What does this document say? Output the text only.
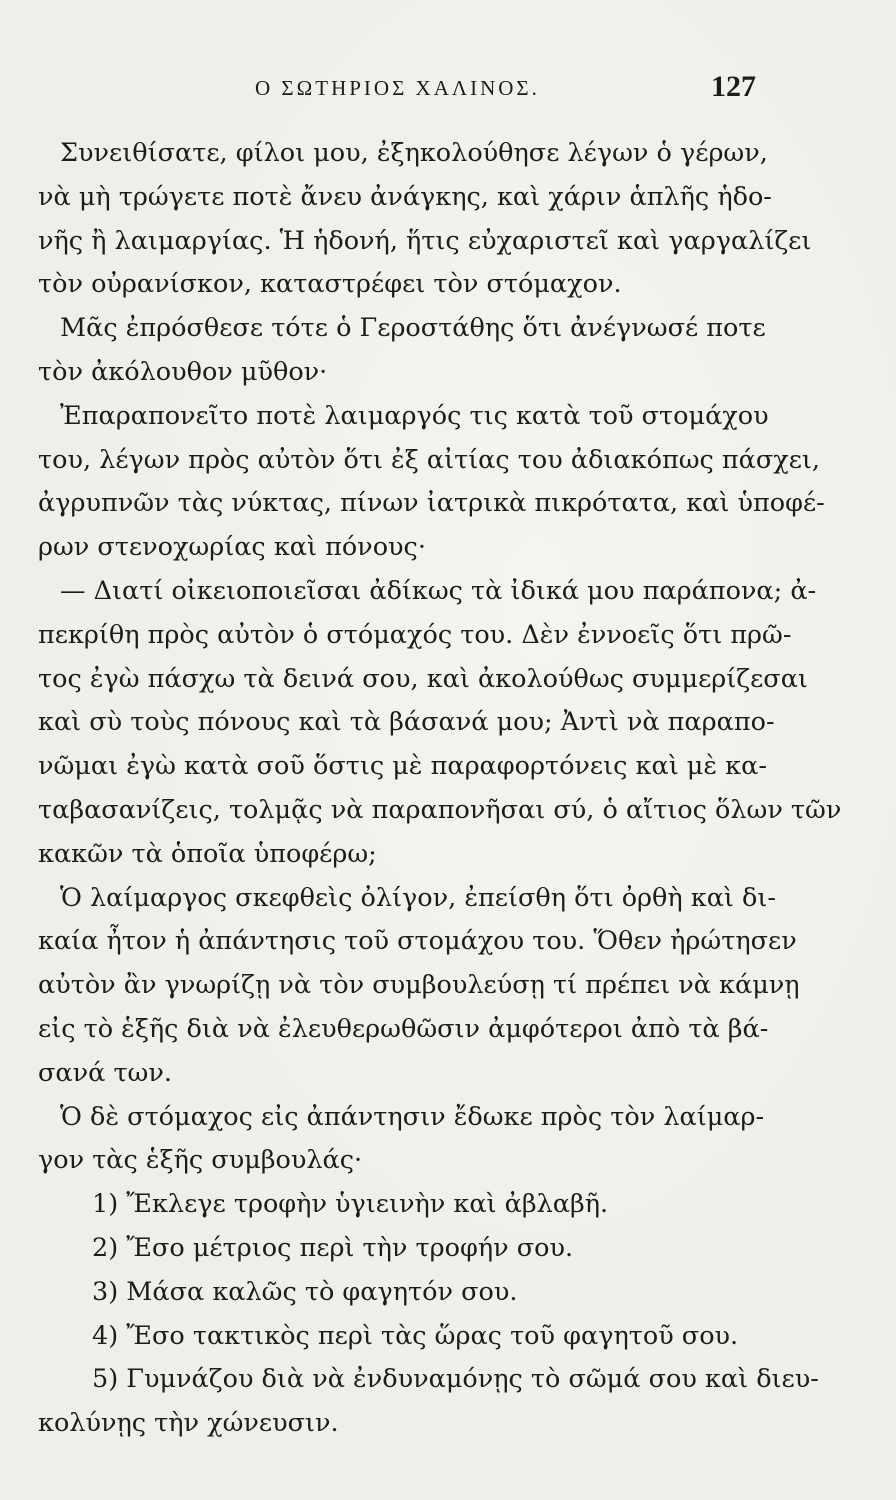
Ο ΣΩΤΗΡΙΟΣ ΧΑΛΙΝΟΣ.	127
Συνειθίσατε, φίλοι μου, ἐξηκολούθησε λέγων ὁ γέρων,
νὰ μὴ τρώγετε ποτὲ ἄνευ ἀνάγκης, καὶ χάριν ἁπλῆς ἡδο-
νῆς ἢ λαιμαργίας. Ἡ ἡδονή, ἥτις εὐχαριστεῖ καὶ γαργαλίζει
τὸν οὐρανίσκον, καταστρέφει τὸν στόμαχον.
Μᾶς ἐπρόσθεσε τότε ὁ Γεροστάθης ὅτι ἀνέγνωσέ ποτε
τὸν ἀκόλουθον μῦθον·
Ἐπαραπονεῖτο ποτὲ λαιμαργός τις κατὰ τοῦ στομάχου
του, λέγων πρὸς αὐτὸν ὅτι ἐξ αἰτίας του ἀδιακόπως πάσχει,
ἀγρυπνῶν τὰς νύκτας, πίνων ἰατρικὰ πικρότατα, καὶ ὑποφέ-
ρων στενοχωρίας καὶ πόνους·
— Διατί οἰκειοποιεῖσαι ἀδίκως τὰ ἰδικά μου παράπονα; ἀ-
πεκρίθη πρὸς αὐτὸν ὁ στόμαχός του. Δὲν ἐννοεῖς ὅτι πρῶ-
τος ἐγὼ πάσχω τὰ δεινά σου, καὶ ἀκολούθως συμμερίζεσαι
καὶ σὺ τοὺς πόνους καὶ τὰ βάσανά μου; Ἀντὶ νὰ παραπο-
νῶμαι ἐγὼ κατὰ σοῦ ὅστις μὲ παραφορτόνεις καὶ μὲ κα-
ταβασανίζεις, τολμᾷς νὰ παραπονῆσαι σύ, ὁ αἴτιος ὅλων τῶν
κακῶν τὰ ὁποῖα ὑποφέρω;
Ὁ λαίμαργος σκεφθεὶς ὀλίγον, ἐπείσθη ὅτι ὀρθὴ καὶ δι-
καία ἦτον ἡ ἀπάντησις τοῦ στομάχου του. Ὅθεν ἠρώτησεν
αὐτὸν ἂν γνωρίζῃ νὰ τὸν συμβουλεύσῃ τί πρέπει νὰ κάμνῃ
εἰς τὸ ἑξῆς διὰ νὰ ἐλευθερωθῶσιν ἀμφότεροι ἀπὸ τὰ βά-
σανά των.
Ὁ δὲ στόμαχος εἰς ἀπάντησιν ἔδωκε πρὸς τὸν λαίμαρ-
γον τὰς ἑξῆς συμβουλάς·
1) Ἔκλεγε τροφὴν ὑγιεινὴν καὶ ἀβλαβῆ.
2) Ἔσο μέτριος περὶ τὴν τροφήν σου.
3) Μάσα καλῶς τὸ φαγητόν σου.
4) Ἔσο τακτικὸς περὶ τὰς ὥρας τοῦ φαγητοῦ σου.
5) Γυμνάζου διὰ νὰ ἐνδυναμόνῃς τὸ σῶμά σου καὶ διευ-
κολύνῃς τὴν χώνευσιν.
